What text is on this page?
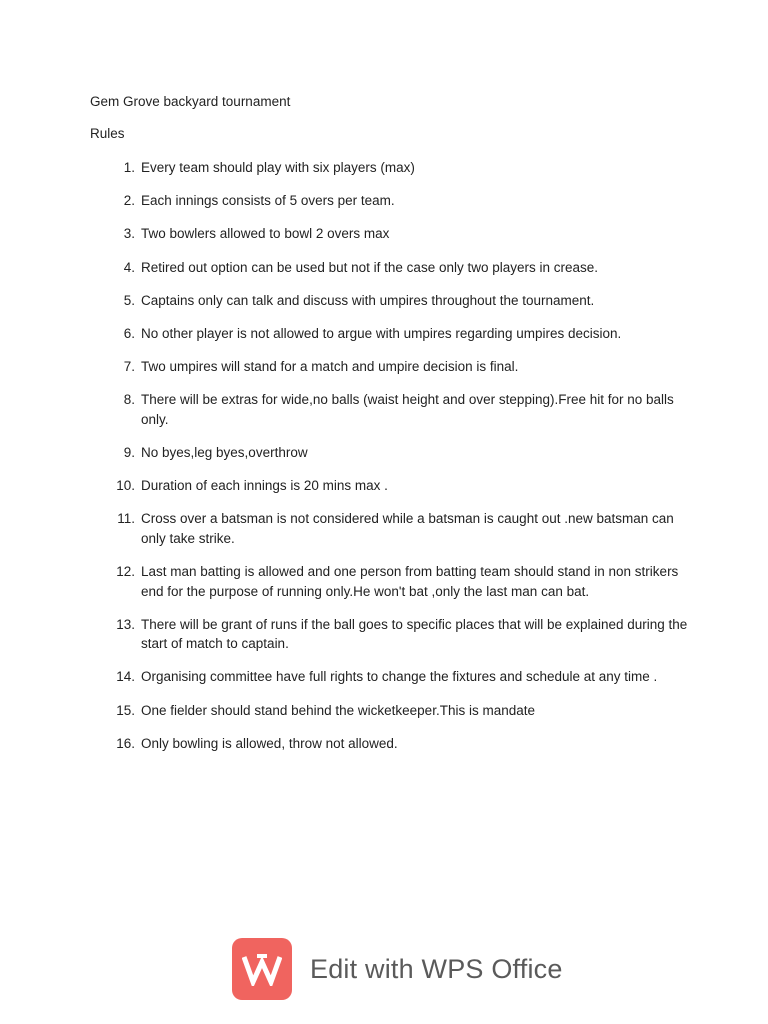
Gem Grove backyard tournament
Rules
1. Every team should play with six players (max)
2. Each innings consists of 5 overs per team.
3. Two bowlers allowed to bowl 2 overs max
4. Retired out option can be used but not if the case only two players in crease.
5. Captains only can talk and discuss with umpires throughout the tournament.
6. No other player is not allowed to argue with umpires regarding umpires decision.
7. Two umpires will stand for a match and umpire decision is final.
8. There will be extras for wide,no balls (waist height and over stepping).Free hit for no balls only.
9. No byes,leg byes,overthrow
10. Duration of each innings is 20 mins max .
11. Cross over a batsman is not considered while a batsman is caught out .new batsman can only take strike.
12. Last man batting is allowed and one person from batting team should stand in non strikers end for the purpose of running only.He won't bat ,only the last man can bat.
13. There will be grant of runs if the ball goes to specific places that will be explained during the start of match to captain.
14. Organising committee have full rights to change the fixtures and schedule at any time .
15. One fielder should stand behind the wicketkeeper.This is mandate
16. Only bowling is allowed, throw not allowed.
Edit with WPS Office
